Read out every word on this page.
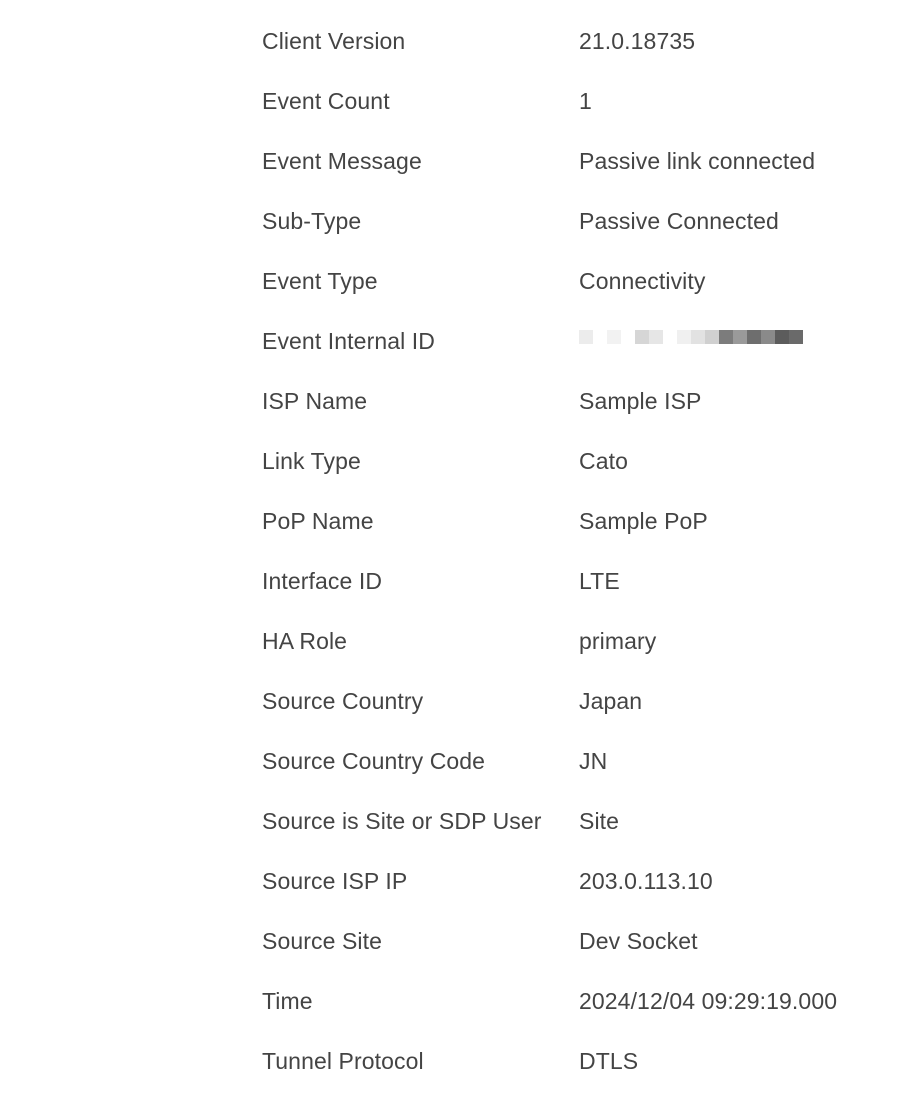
Client Version	21.0.18735
Event Count	1
Event Message	Passive link connected
Sub-Type	Passive Connected
Event Type	Connectivity
Event Internal ID
ISP Name	Sample ISP
Link Type	Cato
PoP Name	Sample PoP
Interface ID	LTE
HA Role	primary
Source Country	Japan
Source Country Code	JN
Source is Site or SDP User	Site
Source ISP IP	203.0.113.10
Source Site	Dev Socket
Time	2024/12/04 09:29:19.000
Tunnel Protocol	DTLS
